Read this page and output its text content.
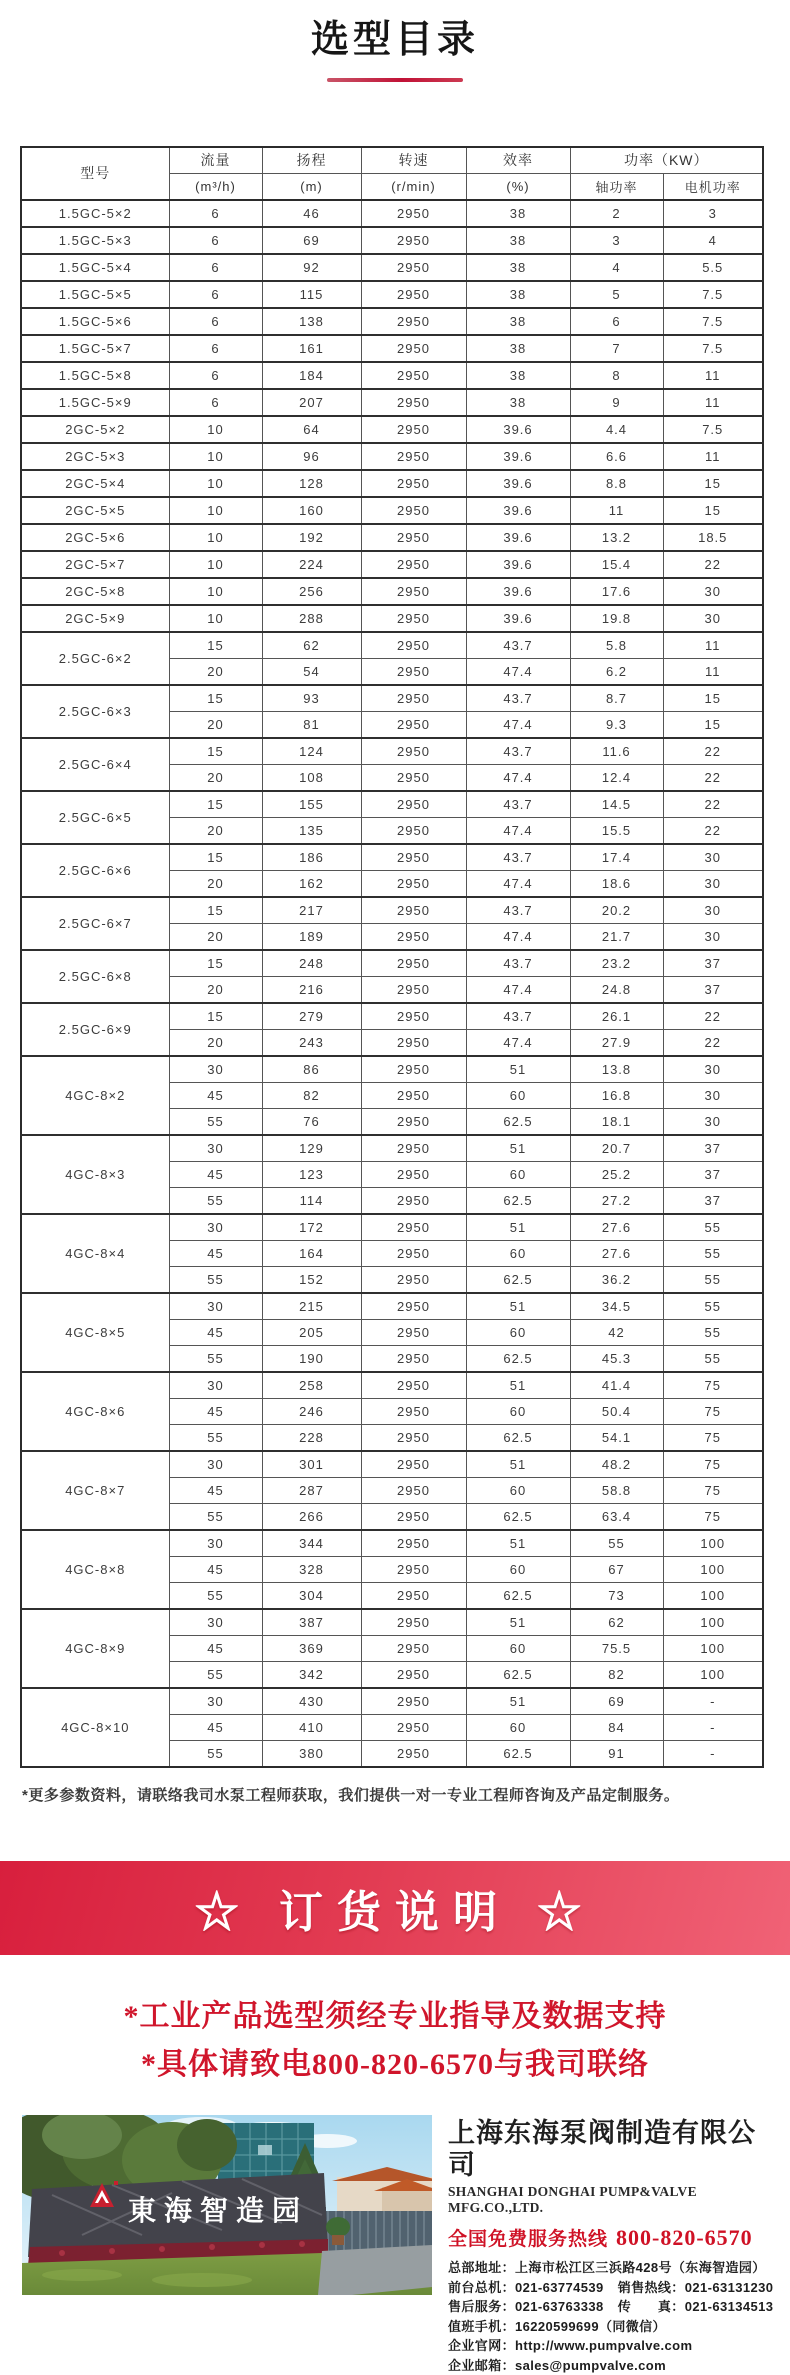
选型目录
型号	流量	扬程	转速	效率	功率（KW）	
	(m³/h)	(m)	(r/min)	(%)	轴功率	电机功率
1.5GC-5×2	6	46	2950	38	2	3
1.5GC-5×3	6	69	2950	38	3	4
1.5GC-5×4	6	92	2950	38	4	5.5
1.5GC-5×5	6	115	2950	38	5	7.5
1.5GC-5×6	6	138	2950	38	6	7.5
1.5GC-5×7	6	161	2950	38	7	7.5
1.5GC-5×8	6	184	2950	38	8	11
1.5GC-5×9	6	207	2950	38	9	11
2GC-5×2	10	64	2950	39.6	4.4	7.5
2GC-5×3	10	96	2950	39.6	6.6	11
2GC-5×4	10	128	2950	39.6	8.8	15
2GC-5×5	10	160	2950	39.6	11	15
2GC-5×6	10	192	2950	39.6	13.2	18.5
2GC-5×7	10	224	2950	39.6	15.4	22
2GC-5×8	10	256	2950	39.6	17.6	30
2GC-5×9	10	288	2950	39.6	19.8	30
2.5GC-6×2	15	62	2950	43.7	5.8	11
	20	54	2950	47.4	6.2	11
2.5GC-6×3	15	93	2950	43.7	8.7	15
	20	81	2950	47.4	9.3	15
2.5GC-6×4	15	124	2950	43.7	11.6	22
	20	108	2950	47.4	12.4	22
2.5GC-6×5	15	155	2950	43.7	14.5	22
	20	135	2950	47.4	15.5	22
2.5GC-6×6	15	186	2950	43.7	17.4	30
	20	162	2950	47.4	18.6	30
2.5GC-6×7	15	217	2950	43.7	20.2	30
	20	189	2950	47.4	21.7	30
2.5GC-6×8	15	248	2950	43.7	23.2	37
	20	216	2950	47.4	24.8	37
2.5GC-6×9	15	279	2950	43.7	26.1	22
	20	243	2950	47.4	27.9	22
4GC-8×2	30	86	2950	51	13.8	30
	45	82	2950	60	16.8	30
	55	76	2950	62.5	18.1	30
4GC-8×3	30	129	2950	51	20.7	37
	45	123	2950	60	25.2	37
	55	114	2950	62.5	27.2	37
4GC-8×4	30	172	2950	51	27.6	55
	45	164	2950	60	27.6	55
	55	152	2950	62.5	36.2	55
4GC-8×5	30	215	2950	51	34.5	55
	45	205	2950	60	42	55
	55	190	2950	62.5	45.3	55
4GC-8×6	30	258	2950	51	41.4	75
	45	246	2950	60	50.4	75
	55	228	2950	62.5	54.1	75
4GC-8×7	30	301	2950	51	48.2	75
	45	287	2950	60	58.8	75
	55	266	2950	62.5	63.4	75
4GC-8×8	30	344	2950	51	55	100
	45	328	2950	60	67	100
	55	304	2950	62.5	73	100
4GC-8×9	30	387	2950	51	62	100
	45	369	2950	60	75.5	100
	55	342	2950	62.5	82	100
4GC-8×10	30	430	2950	51	69	-
	45	410	2950	60	84	-
	55	380	2950	62.5	91	-
*更多参数资料，请联络我司水泵工程师获取，我们提供一对一专业工程师咨询及产品定制服务。
☆ 订货说明 ☆
*工业产品选型须经专业指导及数据支持
*具体请致电800-820-6570与我司联络
東海智造园
上海东海泵阀制造有限公司
SHANGHAI DONGHAI PUMP&VALVE MFG.CO.,LTD.
全国免费服务热线 800-820-6570
总部地址：上海市松江区三浜路428号（东海智造园）
前台总机：021-63774539 销售热线：021-63131230
售后服务：021-63763338 传　　真：021-63134513
值班手机：16220599699（同微信）
企业官网：http://www.pumpvalve.com
企业邮箱：sales@pumpvalve.com
